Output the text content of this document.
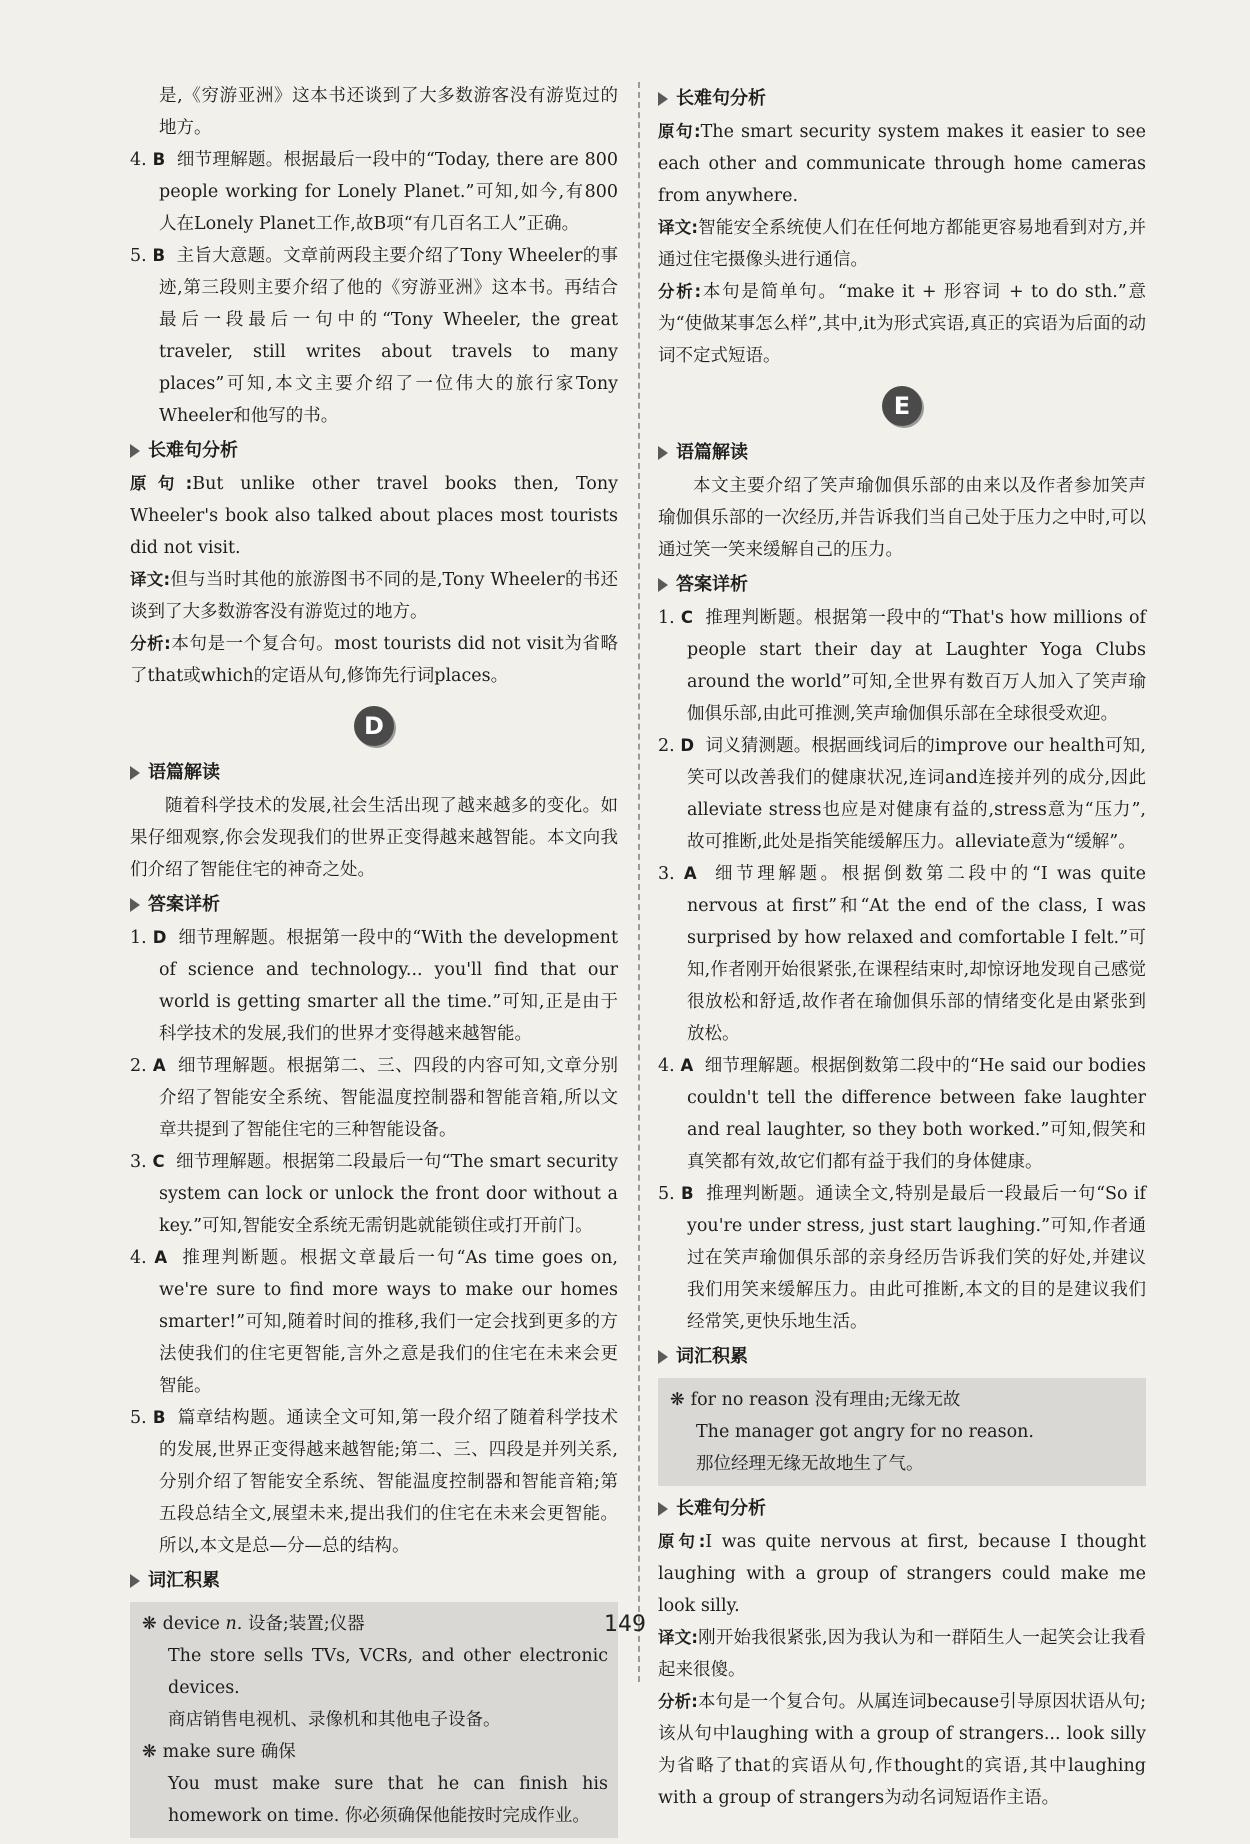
是,《穷游亚洲》这本书还谈到了大多数游客没有游览过的地方。

4. B 细节理解题。根据最后一段中的“Today, there are 800 people working for Lonely Planet.”可知,如今,有800人在Lonely Planet工作,故B项“有几百名工人”正确。

5. B 主旨大意题。文章前两段主要介绍了Tony Wheeler的事迹,第三段则主要介绍了他的《穷游亚洲》这本书。再结合最后一段最后一句中的“Tony Wheeler, the great traveler, still writes about travels to many places”可知,本文主要介绍了一位伟大的旅行家Tony Wheeler和他写的书。

长难句分析

原句:But unlike other travel books then, Tony Wheeler's book also talked about places most tourists did not visit.

译文:但与当时其他的旅游图书不同的是,Tony Wheeler的书还谈到了大多数游客没有游览过的地方。

分析:本句是一个复合句。most tourists did not visit为省略了that或which的定语从句,修饰先行词places。

D
语篇解读

随着科学技术的发展,社会生活出现了越来越多的变化。如果仔细观察,你会发现我们的世界正变得越来越智能。本文向我们介绍了智能住宅的神奇之处。

答案详析

1. D 细节理解题。根据第一段中的“With the development of science and technology... you'll find that our world is getting smarter all the time.”可知,正是由于科学技术的发展,我们的世界才变得越来越智能。

2. A 细节理解题。根据第二、三、四段的内容可知,文章分别介绍了智能安全系统、智能温度控制器和智能音箱,所以文章共提到了智能住宅的三种智能设备。

3. C 细节理解题。根据第二段最后一句“The smart security system can lock or unlock the front door without a key.”可知,智能安全系统无需钥匙就能锁住或打开前门。

4. A 推理判断题。根据文章最后一句“As time goes on, we're sure to find more ways to make our homes smarter!”可知,随着时间的推移,我们一定会找到更多的方法使我们的住宅更智能,言外之意是我们的住宅在未来会更智能。

5. B 篇章结构题。通读全文可知,第一段介绍了随着科学技术的发展,世界正变得越来越智能;第二、三、四段是并列关系,分别介绍了智能安全系统、智能温度控制器和智能音箱;第五段总结全文,展望未来,提出我们的住宅在未来会更智能。所以,本文是总—分—总的结构。

词汇积累

❋ device n. 设备;装置;仪器

The store sells TVs, VCRs, and other electronic devices.

商店销售电视机、录像机和其他电子设备。

❋ make sure 确保

You must make sure that he can finish his homework on time. 你必须确保他能按时完成作业。

长难句分析

原句:The smart security system makes it easier to see each other and communicate through home cameras from anywhere.

译文:智能安全系统使人们在任何地方都能更容易地看到对方,并通过住宅摄像头进行通信。

分析:本句是简单句。“make it + 形容词 + to do sth.”意为“使做某事怎么样”,其中,it为形式宾语,真正的宾语为后面的动词不定式短语。

E
语篇解读

本文主要介绍了笑声瑜伽俱乐部的由来以及作者参加笑声瑜伽俱乐部的一次经历,并告诉我们当自己处于压力之中时,可以通过笑一笑来缓解自己的压力。

答案详析

1. C 推理判断题。根据第一段中的“That's how millions of people start their day at Laughter Yoga Clubs around the world”可知,全世界有数百万人加入了笑声瑜伽俱乐部,由此可推测,笑声瑜伽俱乐部在全球很受欢迎。

2. D 词义猜测题。根据画线词后的improve our health可知,笑可以改善我们的健康状况,连词and连接并列的成分,因此alleviate stress也应是对健康有益的,stress意为“压力”,故可推断,此处是指笑能缓解压力。alleviate意为“缓解”。

3. A 细节理解题。根据倒数第二段中的“I was quite nervous at first”和“At the end of the class, I was surprised by how relaxed and comfortable I felt.”可知,作者刚开始很紧张,在课程结束时,却惊讶地发现自己感觉很放松和舒适,故作者在瑜伽俱乐部的情绪变化是由紧张到放松。

4. A 细节理解题。根据倒数第二段中的“He said our bodies couldn't tell the difference between fake laughter and real laughter, so they both worked.”可知,假笑和真笑都有效,故它们都有益于我们的身体健康。

5. B 推理判断题。通读全文,特别是最后一段最后一句“So if you're under stress, just start laughing.”可知,作者通过在笑声瑜伽俱乐部的亲身经历告诉我们笑的好处,并建议我们用笑来缓解压力。由此可推断,本文的目的是建议我们经常笑,更快乐地生活。

词汇积累

❋ for no reason 没有理由;无缘无故

The manager got angry for no reason.

那位经理无缘无故地生了气。

长难句分析

原句:I was quite nervous at first, because I thought laughing with a group of strangers could make me look silly.

译文:刚开始我很紧张,因为我认为和一群陌生人一起笑会让我看起来很傻。

分析:本句是一个复合句。从属连词because引导原因状语从句;该从句中laughing with a group of strangers... look silly为省略了that的宾语从句,作thought的宾语,其中laughing with a group of strangers为动名词短语作主语。

149
